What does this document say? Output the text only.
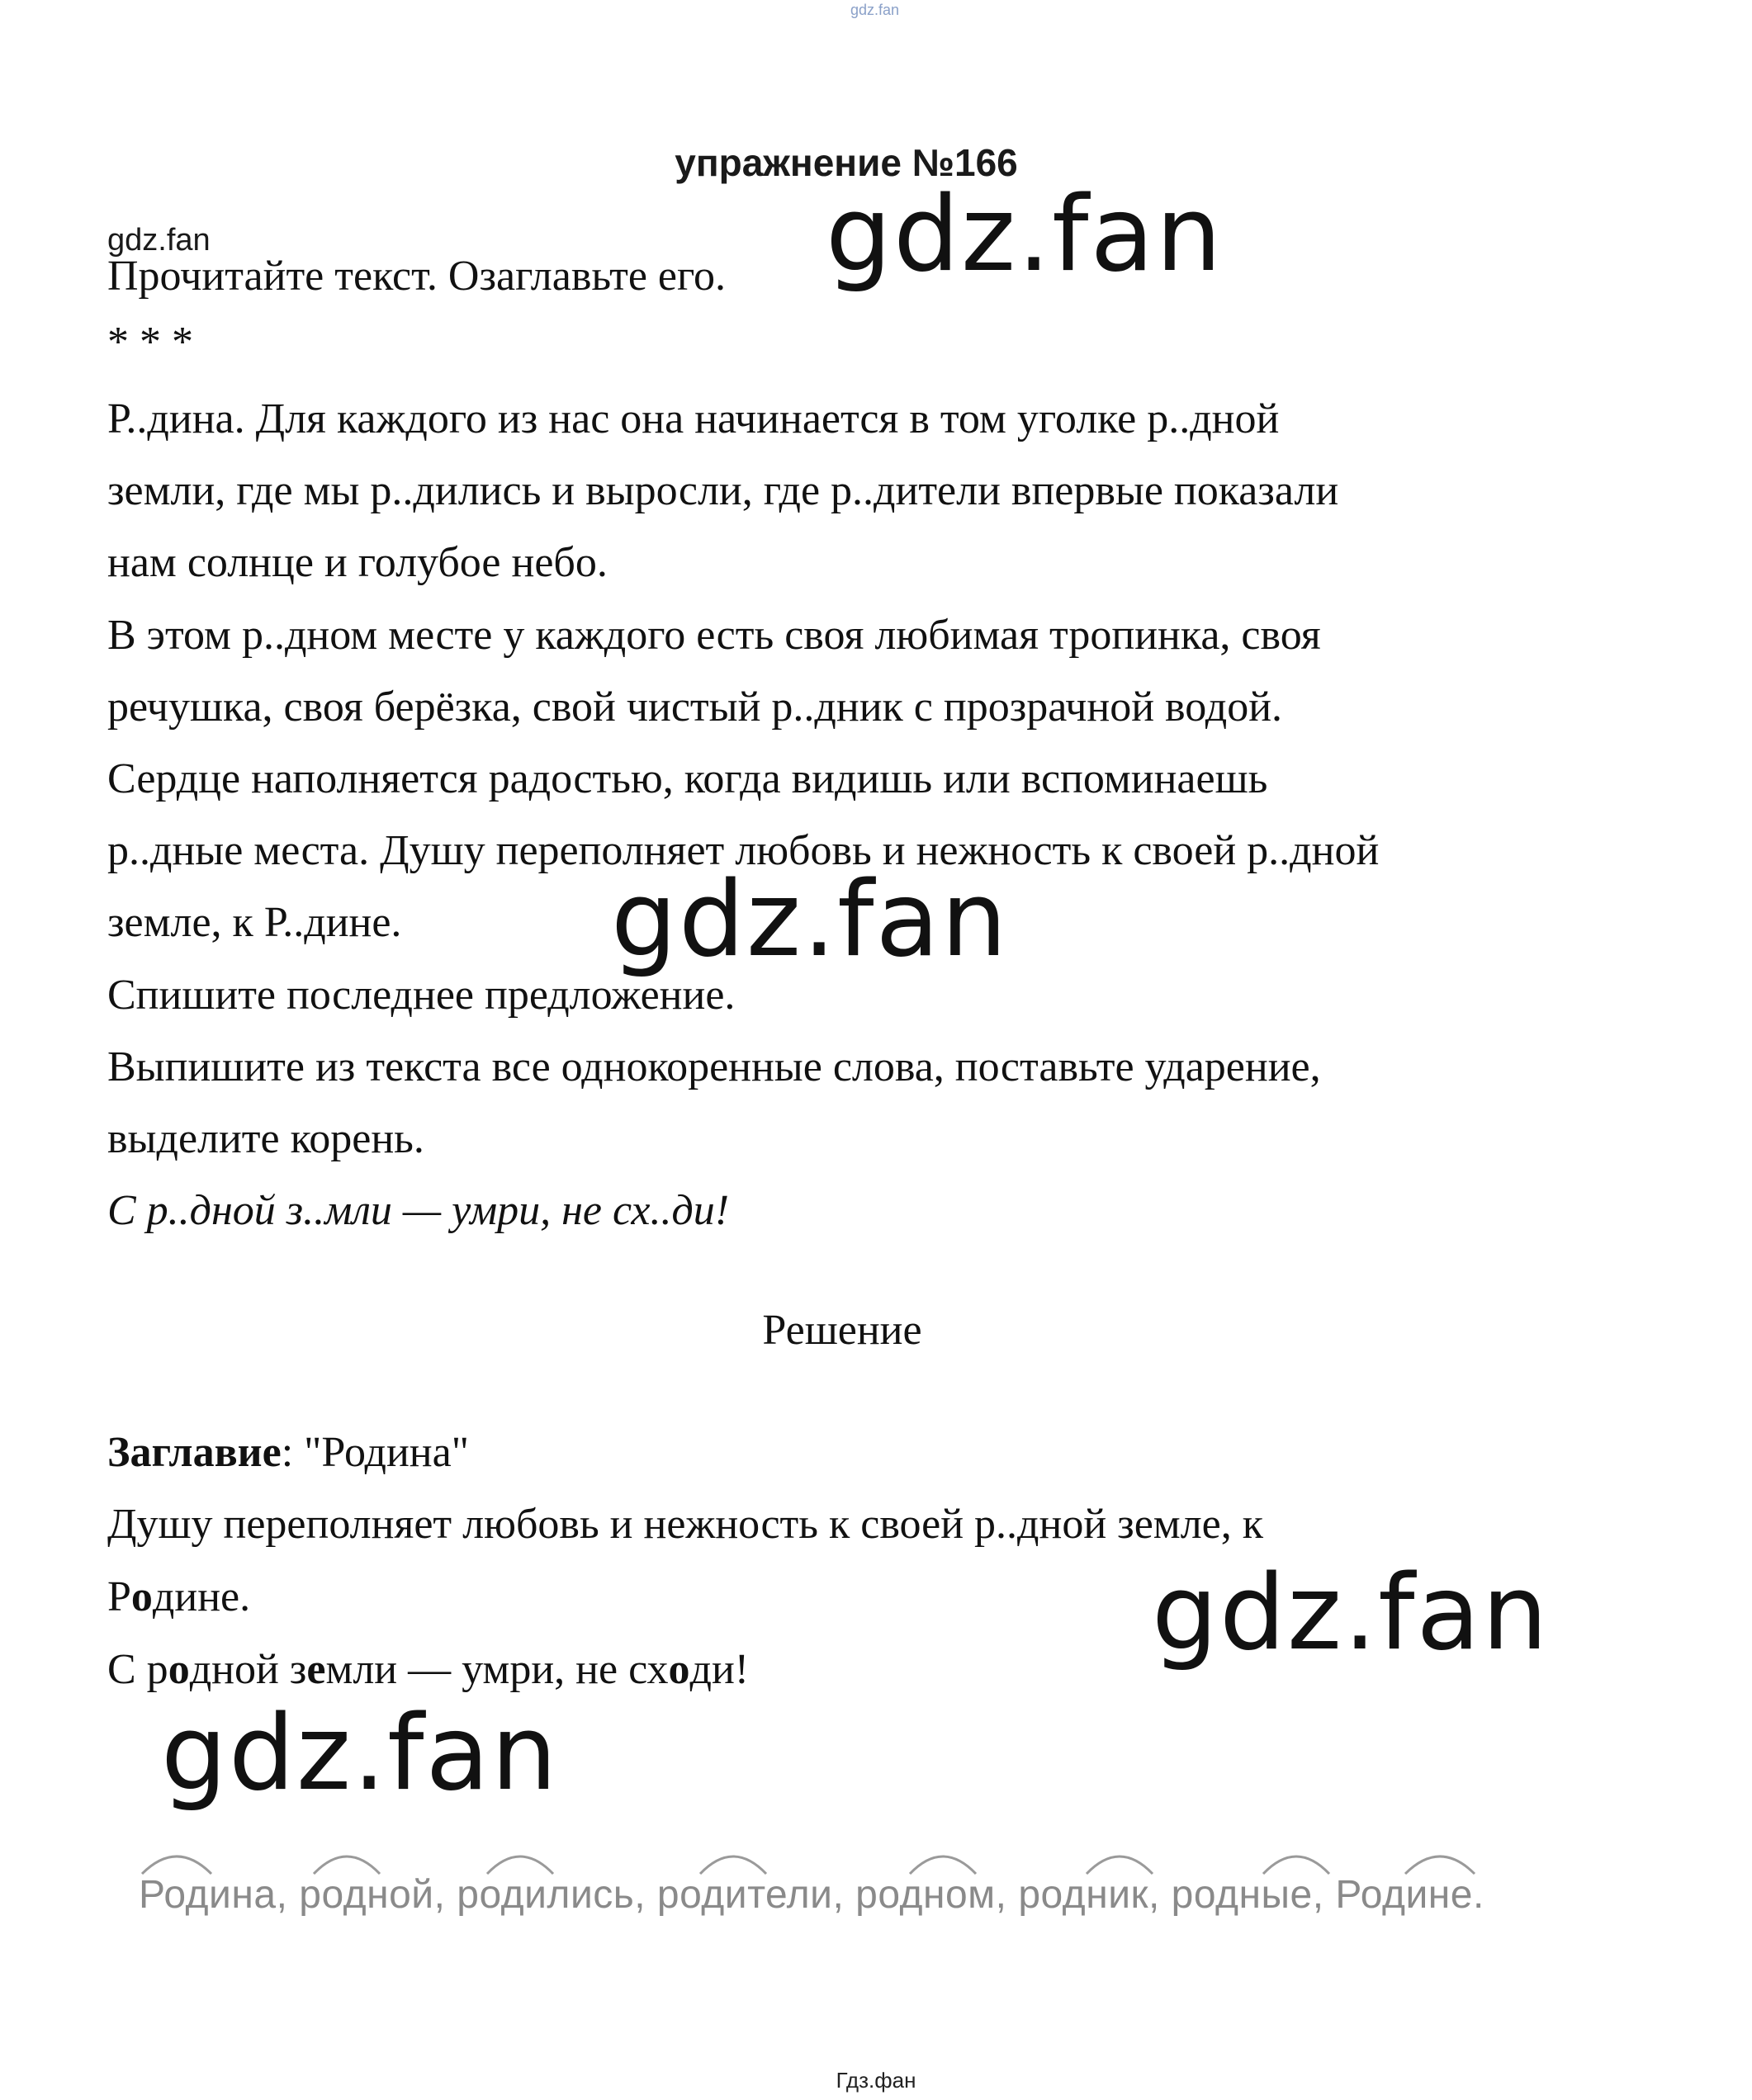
gdz.fan
упражнение №166
gdz.fan	gdz.fan
gdz.fan
gdz.fan
gdz.fan
Прочитайте текст. Озаглавьте его.
* * *
Р..дина. Для каждого из нас она начинается в том уголке р..дной
земли, где мы р..дились и выросли, где р..дители впервые показали
нам солнце и голубое небо.
В этом р..дном месте у каждого есть своя любимая тропинка, своя
речушка, своя берёзка, свой чистый р..дник с прозрачной водой.
Сердце наполняется радостью, когда видишь или вспоминаешь
р..дные места. Душу переполняет любовь и нежность к своей р..дной
земле, к Р..дине.
Спишите последнее предложение.
Выпишите из текста все однокоренные слова, поставьте ударение,
выделите корень.
С р..дной з..мли — умри, не сх..ди!
Решение
Заглавие: "Родина"
Душу переполняет любовь и нежность к своей р..дной земле, к
Родине.
С родной земли — умри, не сходи!
Родина, родной, родились, родители, родном, родник, родные, Родине.
Гдз.фан
